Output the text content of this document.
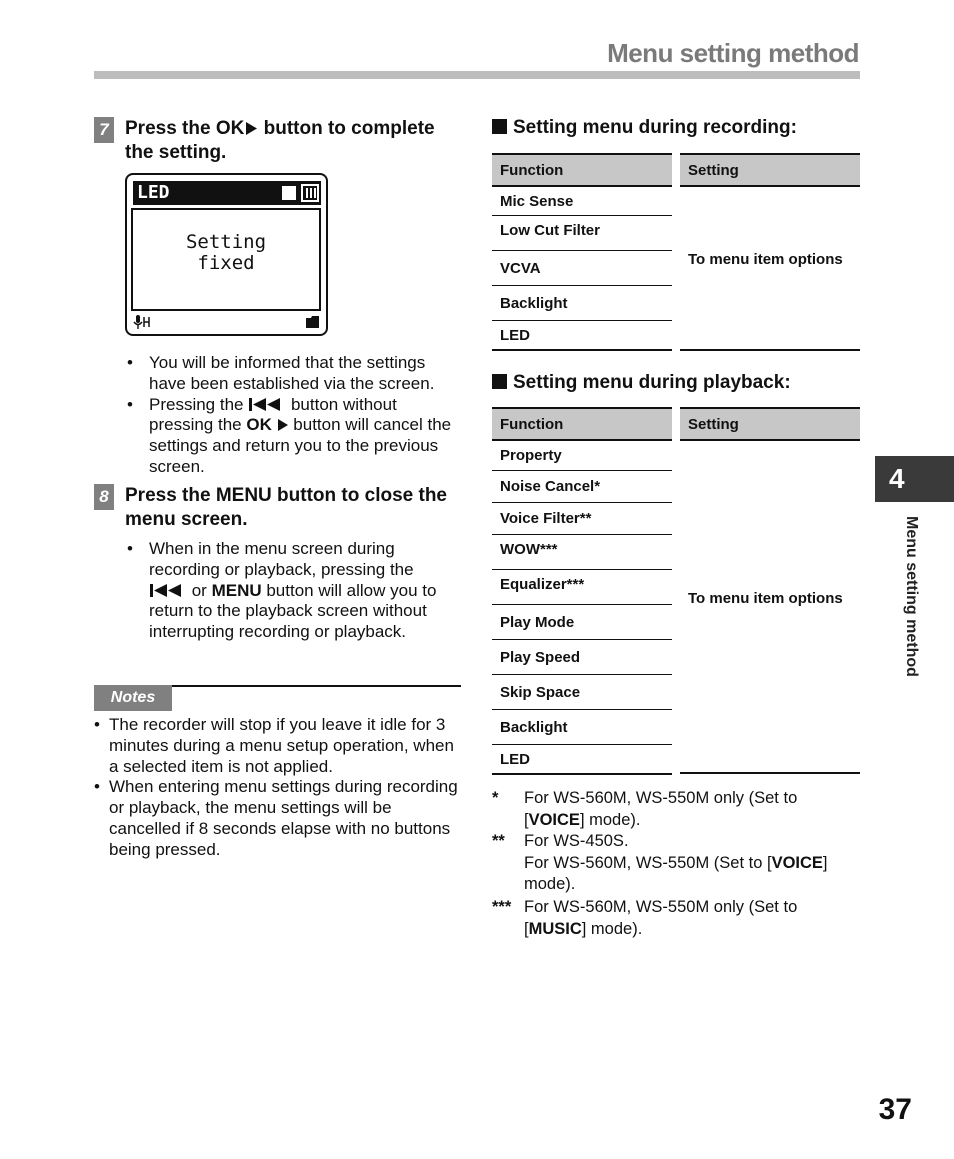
Menu setting method
7 Press the OK button to complete the setting.
LED
Setting
fixed
• You will be informed that the settings have been established via the screen.
• Pressing the  button without pressing the OK  button will cancel the settings and return you to the previous screen.
8 Press the MENU button to close the menu screen.
• When in the menu screen during recording or playback, pressing the  or MENU button will allow you to return to the playback screen without interrupting recording or playback.
Notes
• The recorder will stop if you leave it idle for 3 minutes during a menu setup operation, when a selected item is not applied.
• When entering menu settings during recording or playback, the menu settings will be cancelled if 8 seconds elapse with no buttons being pressed.
Setting menu during recording:
Function	Setting
Mic Sense
Low Cut Filter
VCVA
Backlight
LED
To menu item options
Setting menu during playback:
Function	Setting
Property
Noise Cancel*
Voice Filter**
WOW***
Equalizer***
Play Mode
Play Speed
Skip Space
Backlight
LED
To menu item options
*	For WS-560M, WS-550M only (Set to [VOICE] mode).
**	For WS-450S.
For WS-560M, WS-550M (Set to [VOICE] mode).
*** For WS-560M, WS-550M only (Set to [MUSIC] mode).
4
Menu setting method
37
